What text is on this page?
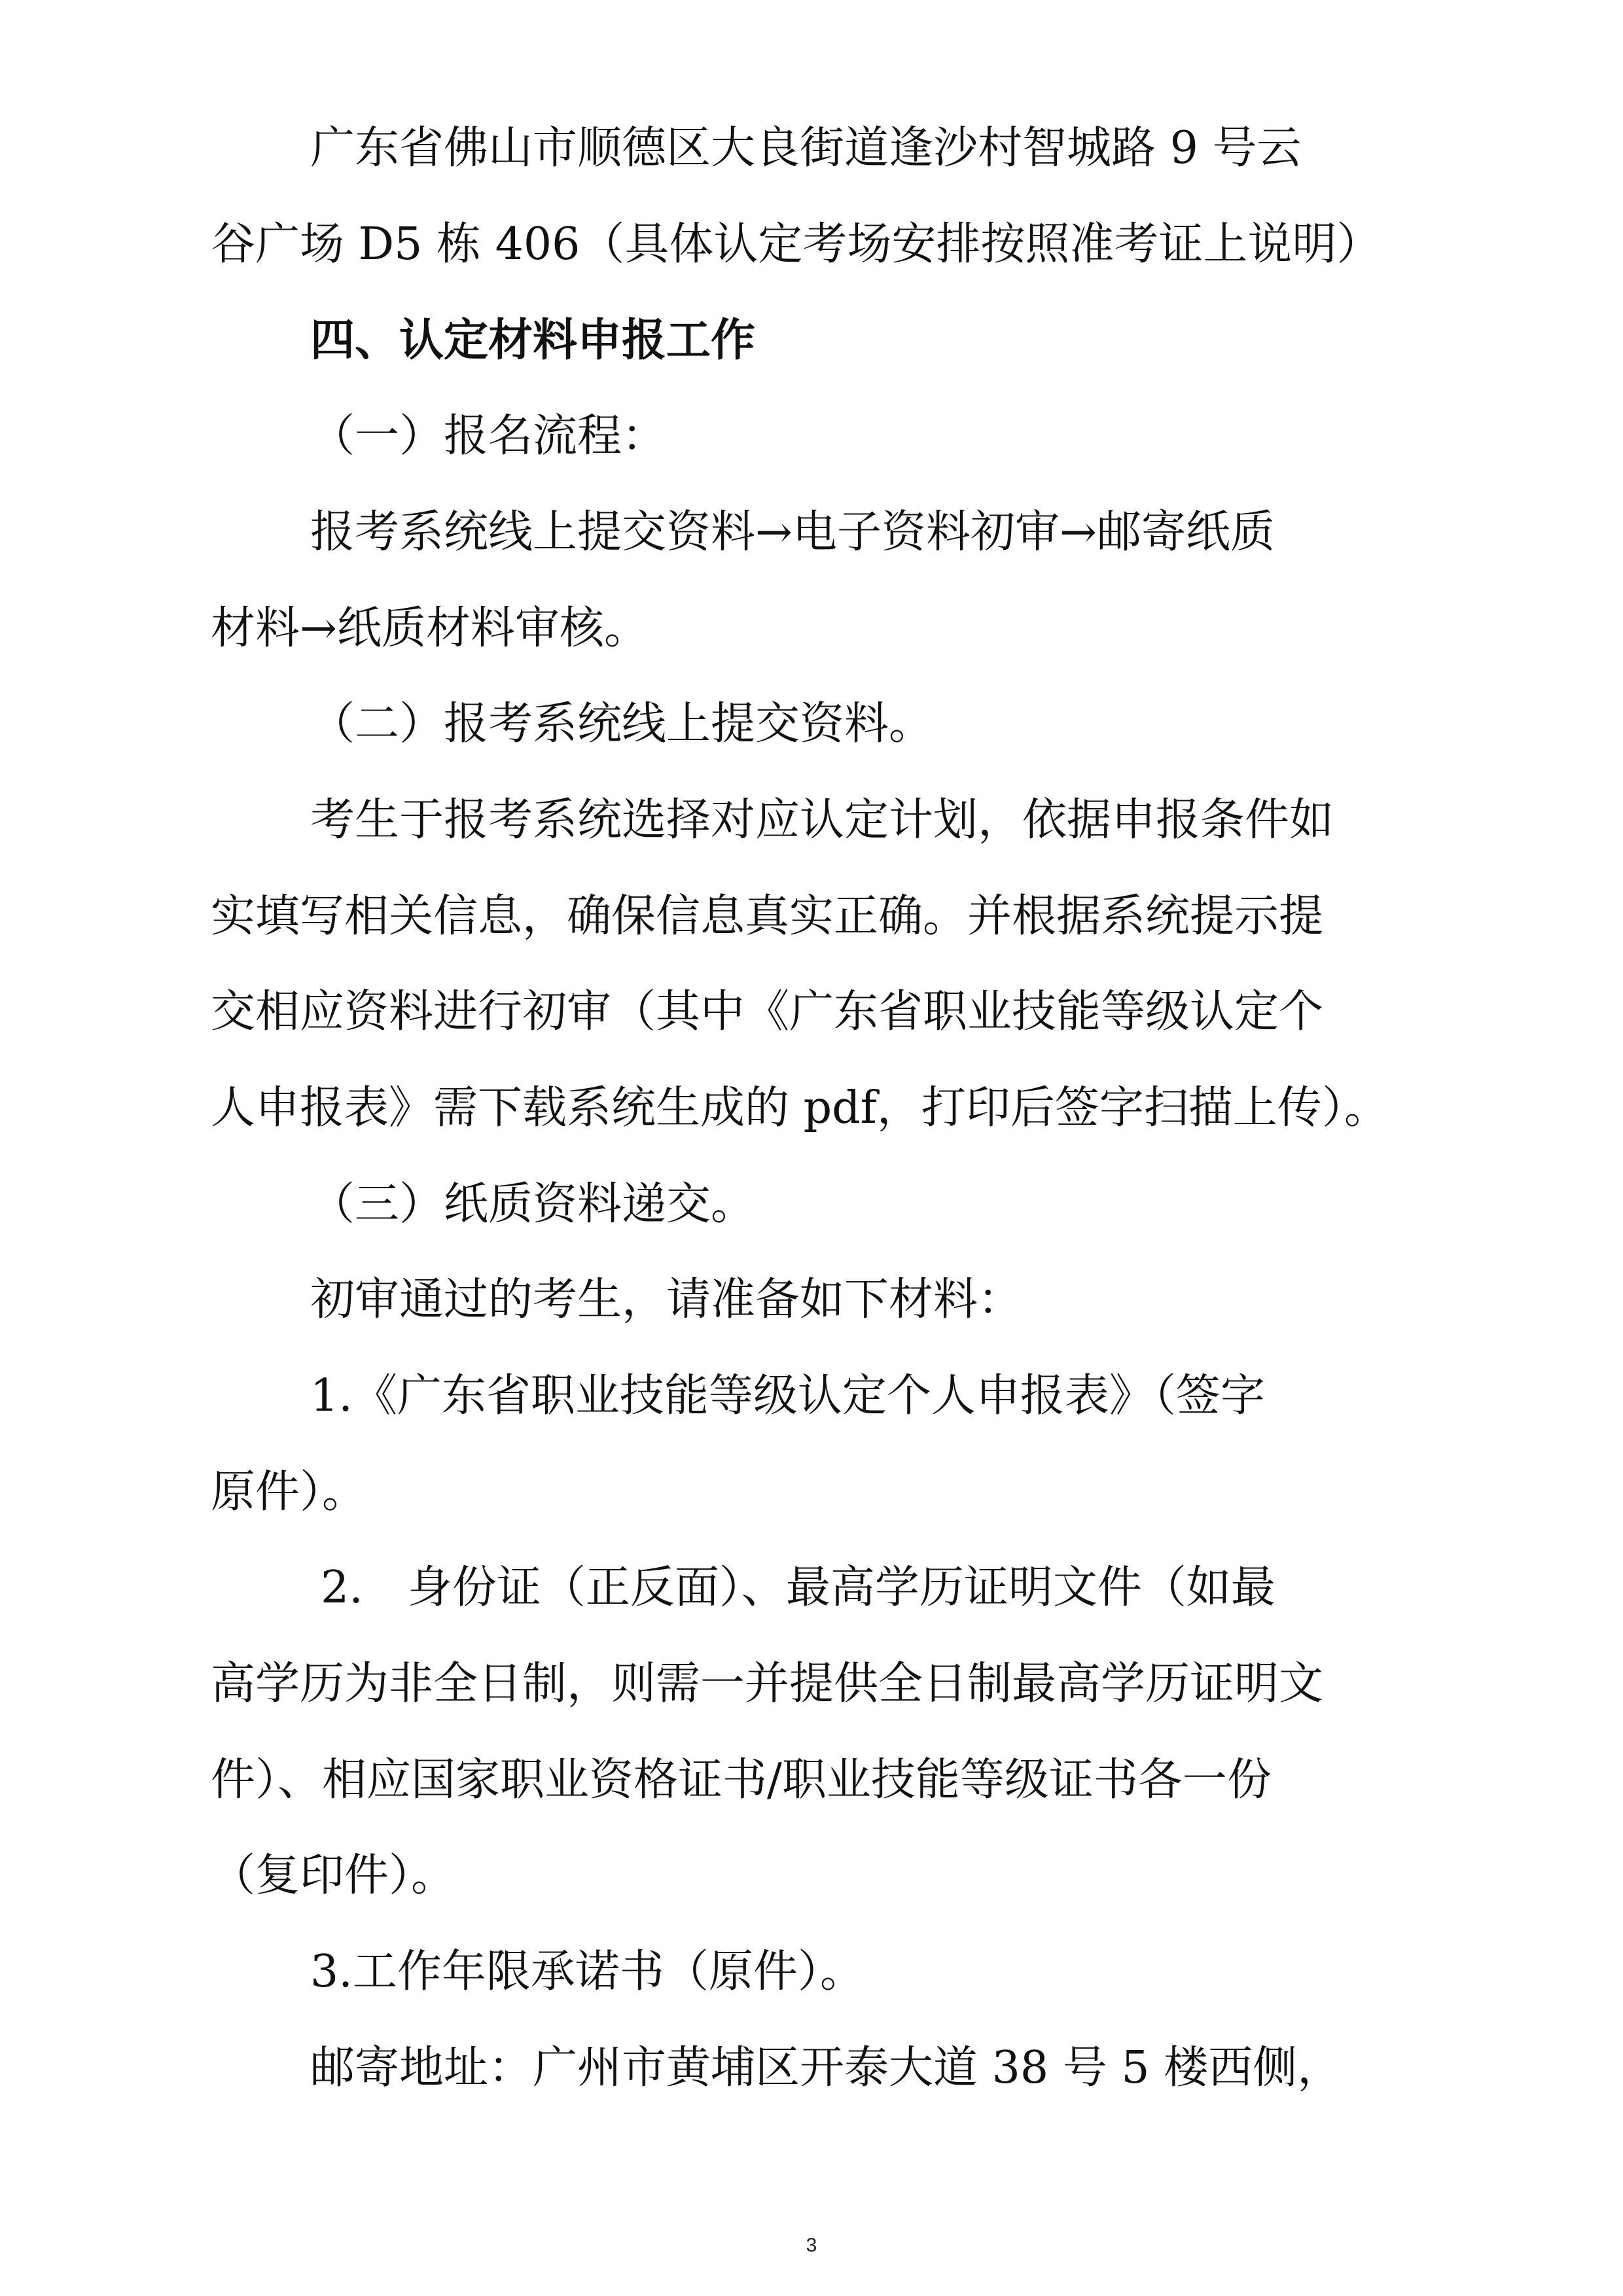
广东省佛山市顺德区大良街道逢沙村智城路 9 号云
谷广场 D5 栋 406（具体认定考场安排按照准考证上说明）
四、认定材料申报工作
（一）报名流程：
报考系统线上提交资料→电子资料初审→邮寄纸质
材料→纸质材料审核。
（二）报考系统线上提交资料。
考生于报考系统选择对应认定计划，依据申报条件如
实填写相关信息，确保信息真实正确。并根据系统提示提
交相应资料进行初审（其中《广东省职业技能等级认定个
人申报表》需下载系统生成的 pdf，打印后签字扫描上传）。
（三）纸质资料递交。
初审通过的考生，请准备如下材料：
1.《广东省职业技能等级认定个人申报表》（签字
原件）。
2.　身份证（正反面）、最高学历证明文件（如最
高学历为非全日制，则需一并提供全日制最高学历证明文
件）、相应国家职业资格证书/职业技能等级证书各一份
（复印件）。
3.工作年限承诺书（原件）。
邮寄地址：广州市黄埔区开泰大道 38 号 5 楼西侧，
3
